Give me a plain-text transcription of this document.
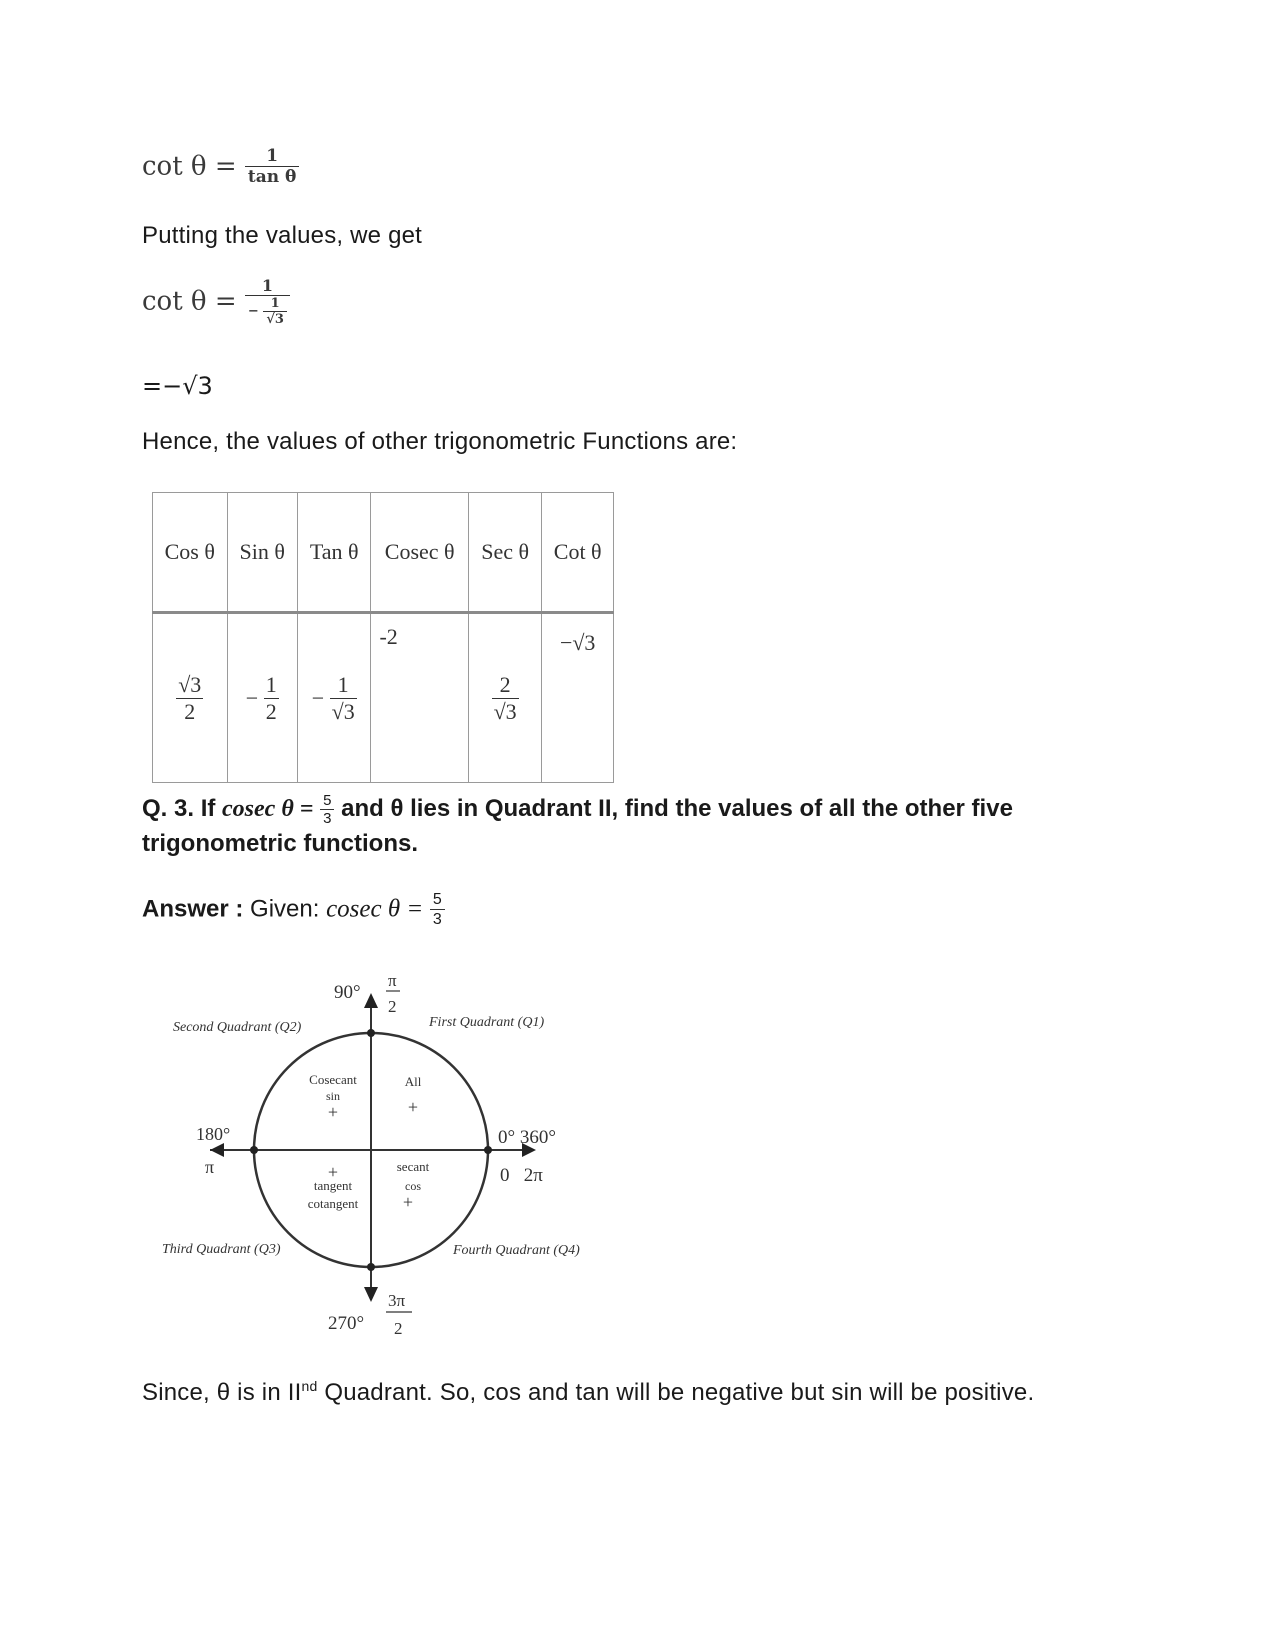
$\cot \theta = \frac{1}{\text{tan θ}}$
Putting the values, we get
$\cot \theta = \frac{1}{- \frac{1}{√3}}$
=−√3
Hence, the values of other trigonometric Functions are:
Cos θ	Sin θ	Tan θ	Cosec θ	Sec θ	Cot θ

$\frac{√3}{2}$	− $\frac{1}{2}$	− $\frac{1}{√3}$	-2	$\frac{2}{√3}$	−√3
Q. 3. If cosec $\theta = \frac{5}{3}$ and θ lies in Quadrant II, find the values of all the other five
trigonometric functions.
Answer : Given: cosec $\theta = \frac{5}{3}$
90°
π
2
Second Quadrant (Q2)	First Quadrant (Q1)
Third Quadrant (Q3)	Fourth Quadrant (Q4)
180°
π
0° 360°
0   2π
270°
3π
2
Cosecant
sin
+
All
+
+
tangent
cotangent
secant
cos
+
Since, θ is in IInd Quadrant. So, cos and tan will be negative but sin will be positive.
